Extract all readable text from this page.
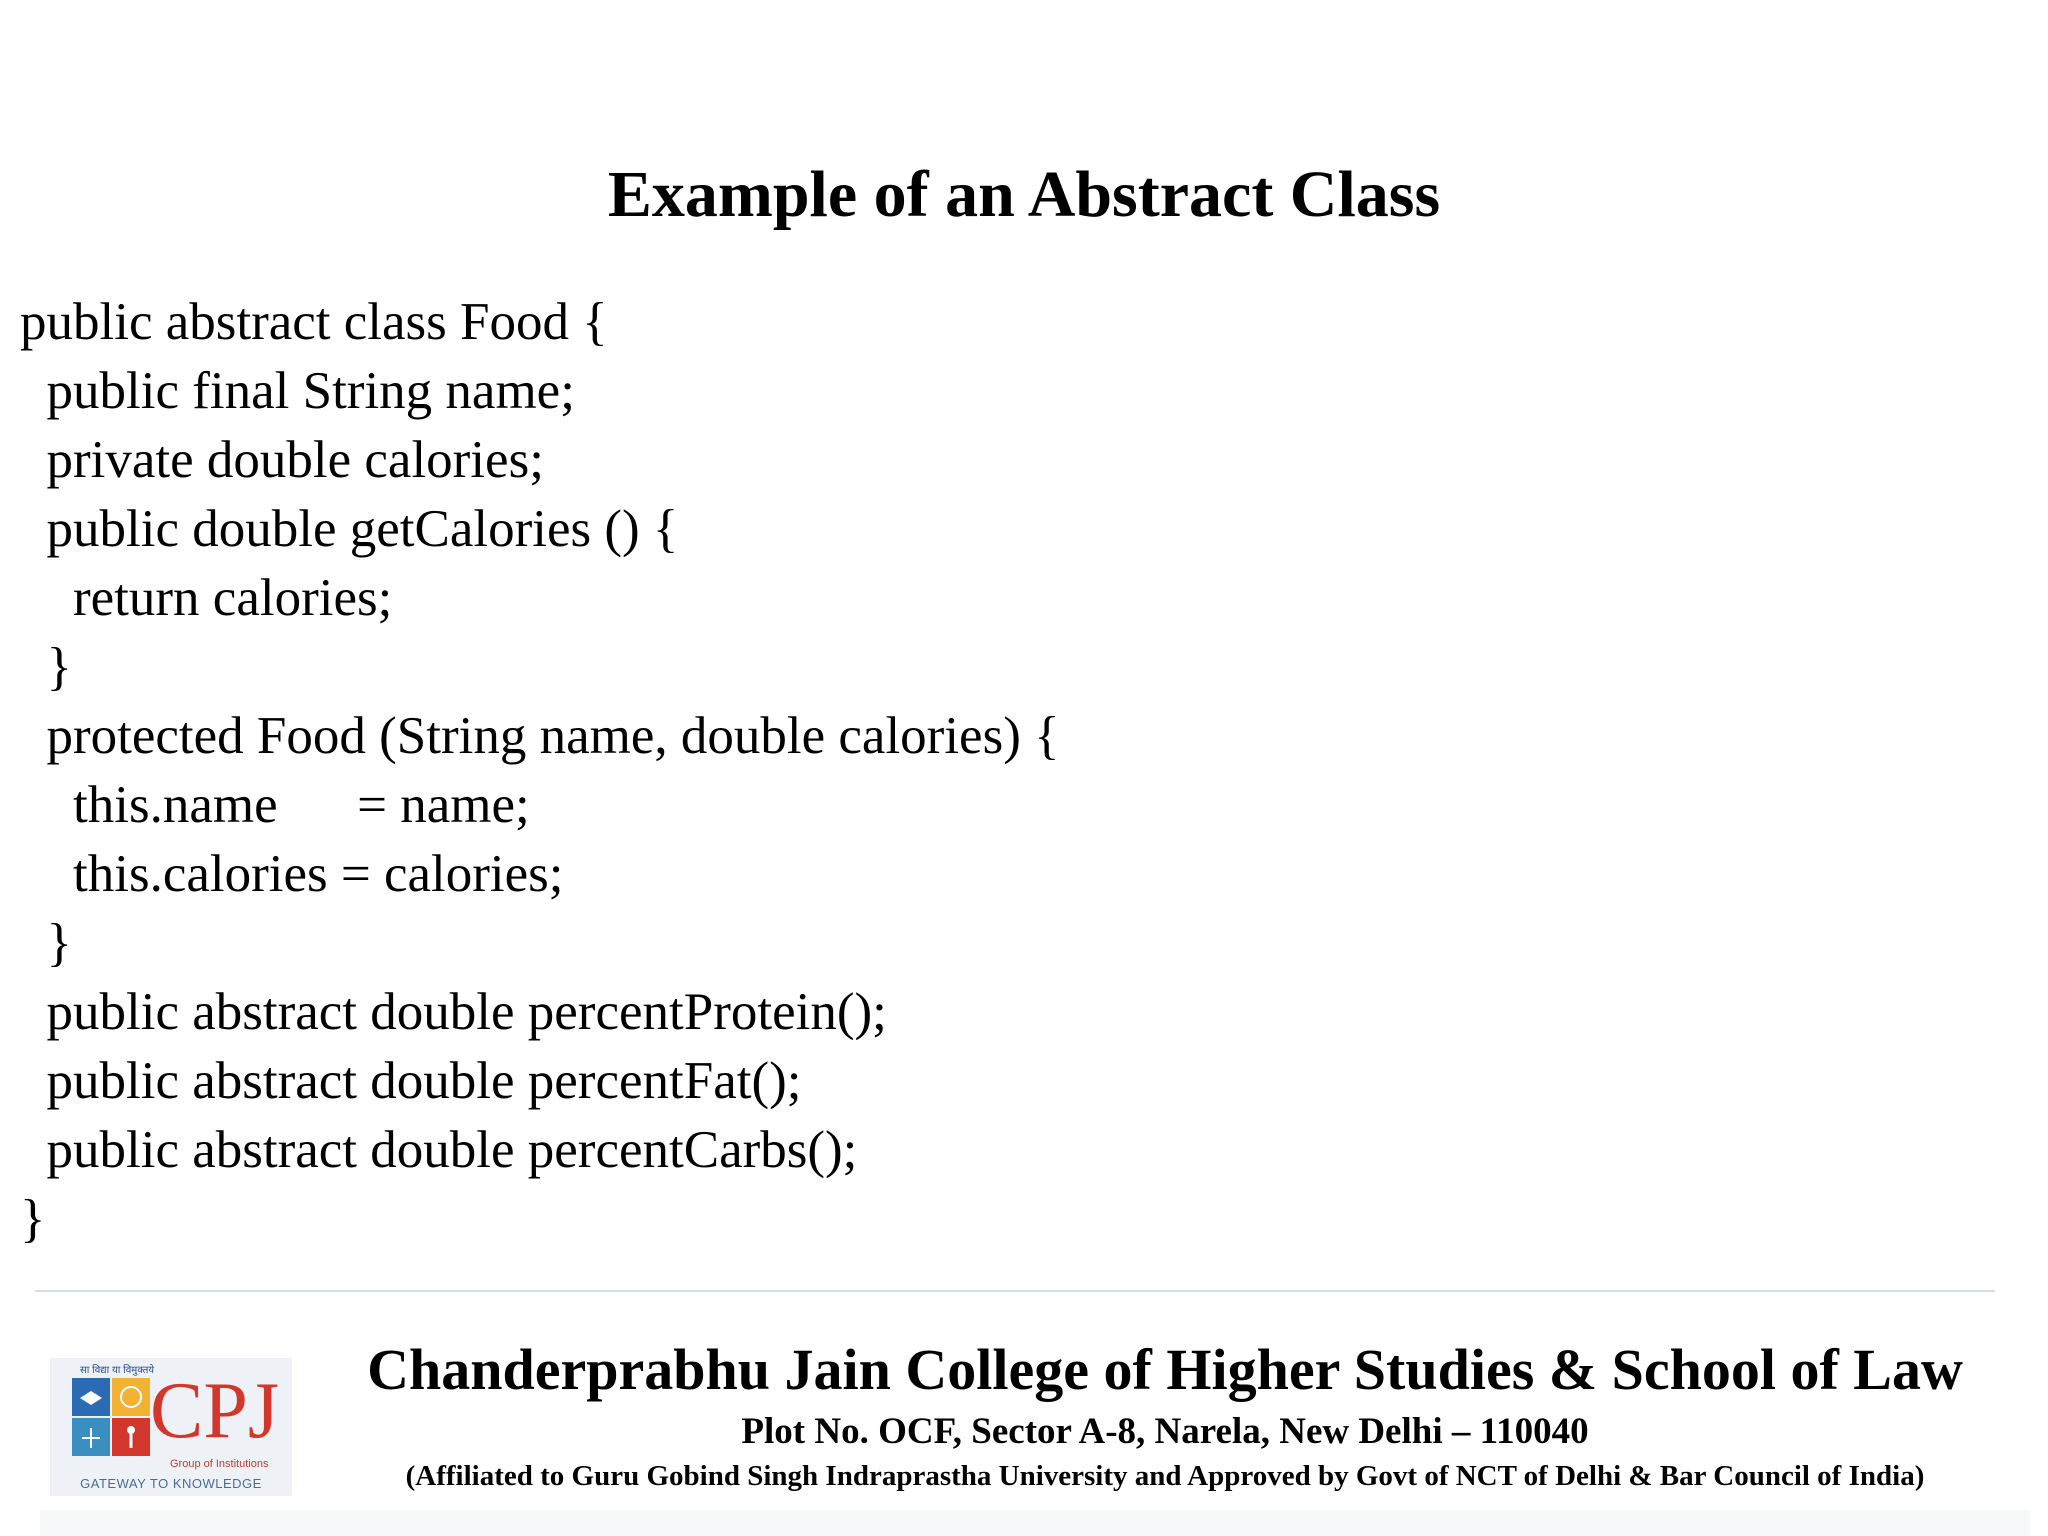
Example of an Abstract Class
public abstract class Food {
public final String name;
private double calories;
public double getCalories () {
return calories;
}
protected Food (String name, double calories) {
this.name      = name;
this.calories = calories;
}
public abstract double percentProtein();
public abstract double percentFat();
public abstract double percentCarbs();
}
सा विद्या या विमुक्तये
CPJ
Group of Institutions
GATEWAY TO KNOWLEDGE
Chanderprabhu Jain College of Higher Studies & School of Law
Plot No. OCF, Sector A-8, Narela, New Delhi – 110040
(Affiliated to Guru Gobind Singh Indraprastha University and Approved by Govt of NCT of Delhi & Bar Council of India)
